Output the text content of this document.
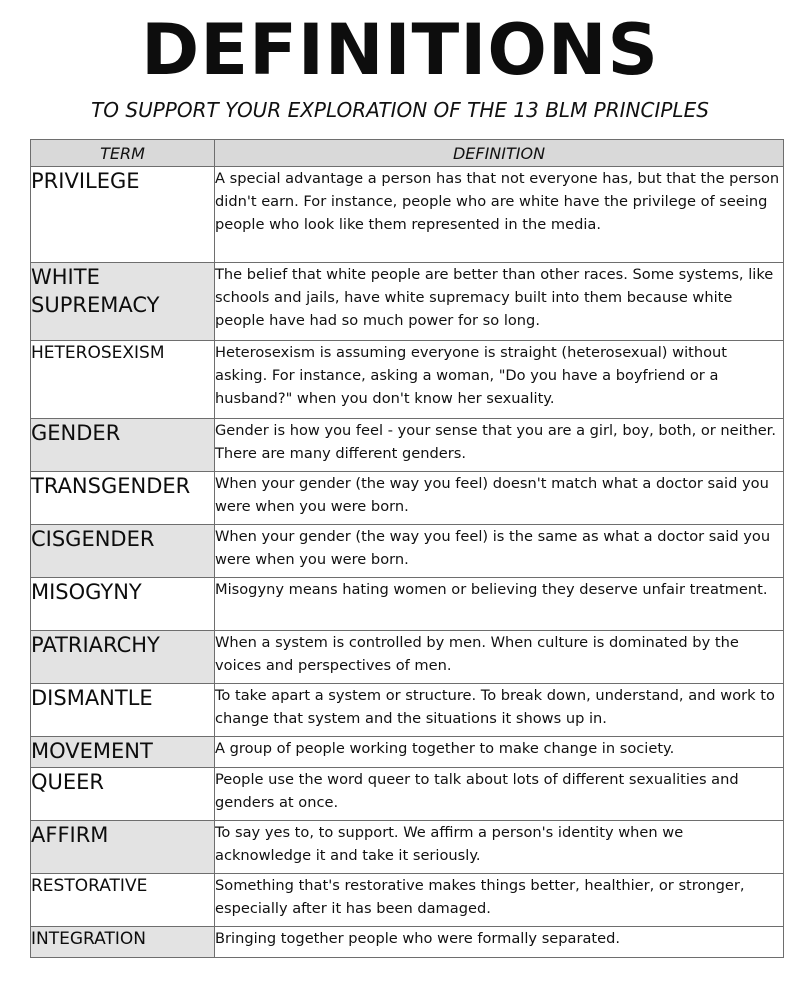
DEFINITIONS
TO SUPPORT YOUR EXPLORATION OF THE 13 BLM PRINCIPLES
TERM	DEFINITION
PRIVILEGE	A special advantage a person has that not everyone has, but that the person didn't earn. For instance, people who are white have the privilege of seeing people who look like them represented in the media.
WHITE SUPREMACY	The belief that white people are better than other races. Some systems, like schools and jails, have white supremacy built into them because white people have had so much power for so long.
HETEROSEXISM	Heterosexism is assuming everyone is straight (heterosexual) without asking. For instance, asking a woman, "Do you have a boyfriend or a husband?" when you don't know her sexuality.
GENDER	Gender is how you feel - your sense that you are a girl, boy, both, or neither. There are many different genders.
TRANSGENDER	When your gender (the way you feel) doesn't match what a doctor said you were when you were born.
CISGENDER	When your gender (the way you feel) is the same as what a doctor said you were when you were born.
MISOGYNY	Misogyny means hating women or believing they deserve unfair treatment.
PATRIARCHY	When a system is controlled by men. When culture is dominated by the voices and perspectives of men.
DISMANTLE	To take apart a system or structure. To break down, understand, and work to change that system and the situations it shows up in.
MOVEMENT	A group of people working together to make change in society.
QUEER	People use the word queer to talk about lots of different sexualities and genders at once.
AFFIRM	To say yes to, to support. We affirm a person's identity when we acknowledge it and take it seriously.
RESTORATIVE	Something that's restorative makes things better, healthier, or stronger, especially after it has been damaged.
INTEGRATION	Bringing together people who were formally separated.
